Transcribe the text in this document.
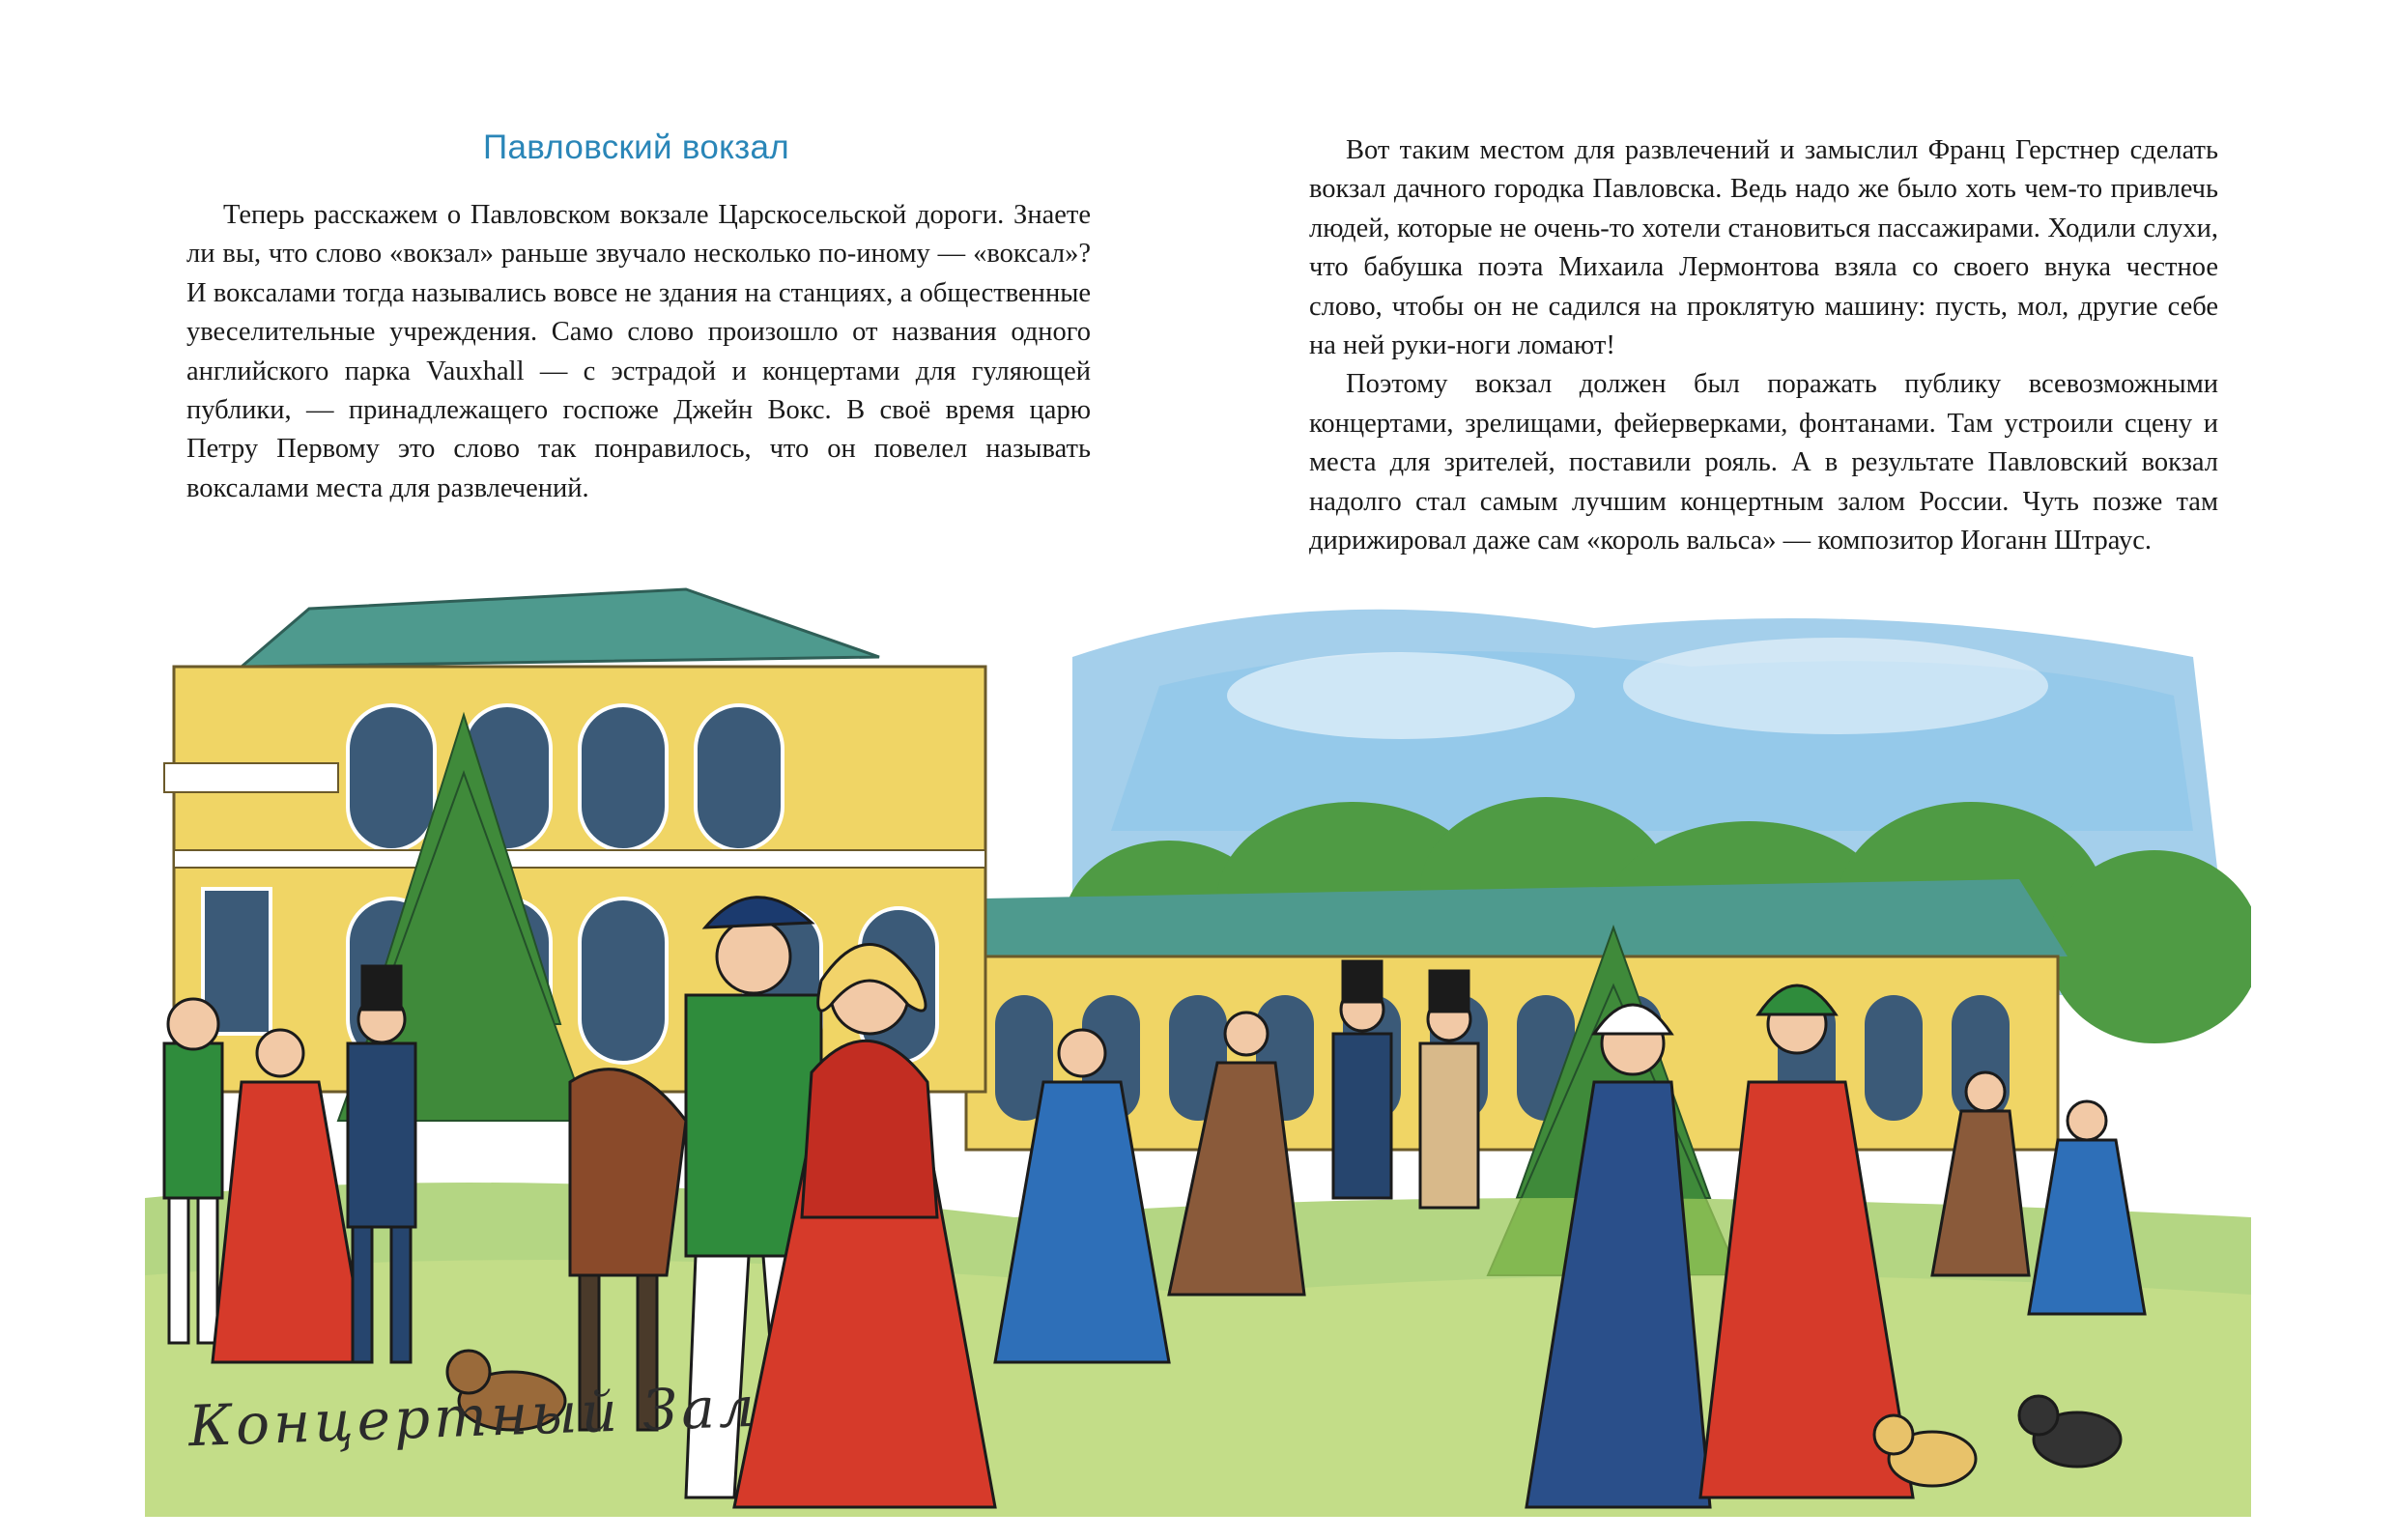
Павловский вокзал

Теперь расскажем о Павловском вокзале Царскосельской дороги. Знаете ли вы, что слово «вокзал» раньше звучало несколько по-иному — «воксал»? И воксалами тогда назывались вовсе не здания на станциях, а общественные увеселительные учреждения. Само слово произошло от названия одного английского парка Vauxhall — с эстрадой и концертами для гуляющей публики, — принадлежащего госпоже Джейн Вокс. В своё время царю Петру Первому это слово так понравилось, что он повелел называть воксалами места для развлечений.

Вот таким местом для развлечений и замыслил Франц Герстнер сделать вокзал дачного городка Павловска. Ведь надо же было хоть чем-то привлечь людей, которые не очень-то хотели становиться пассажирами. Ходили слухи, что бабушка поэта Михаила Лермонтова взяла со своего внука честное слово, чтобы он не садился на проклятую машину: пусть, мол, другие себе на ней руки-ноги ломают!

Поэтому вокзал должен был поражать публику всевозможными концертами, зрелищами, фейерверками, фонтанами. Там устроили сцену и места для зрителей, поставили рояль. А в результате Павловский вокзал надолго стал самым лучшим концертным залом России. Чуть позже там дирижировал даже сам «король вальса» — композитор Иоганн Штраус.

Концертный Зал
